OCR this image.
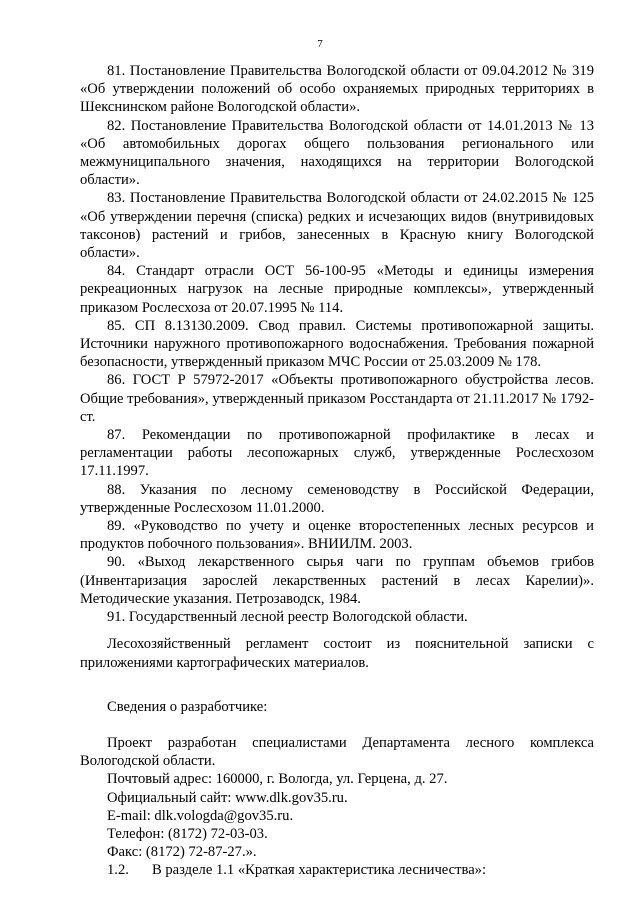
7

81. Постановление Правительства Вологодской области от 09.04.2012 № 319 «Об утверждении положений об особо охраняемых природных территориях в Шекснинском районе Вологодской области».

82. Постановление Правительства Вологодской области от 14.01.2013 № 13 «Об автомобильных дорогах общего пользования регионального или межмуниципального значения, находящихся на территории Вологодской области».

83. Постановление Правительства Вологодской области от 24.02.2015 № 125 «Об утверждении перечня (списка) редких и исчезающих видов (внутривидовых таксонов) растений и грибов, занесенных в Красную книгу Вологодской области».

84. Стандарт отрасли ОСТ 56-100-95 «Методы и единицы измерения рекреационных нагрузок на лесные природные комплексы», утвержденный приказом Рослесхоза от 20.07.1995 № 114.

85. СП 8.13130.2009. Свод правил. Системы противопожарной защиты. Источники наружного противопожарного водоснабжения. Требования пожарной безопасности, утвержденный приказом МЧС России от 25.03.2009 № 178.

86. ГОСТ Р 57972-2017 «Объекты противопожарного обустройства лесов. Общие требования», утвержденный приказом Росстандарта от 21.11.2017 № 1792-ст.

87. Рекомендации по противопожарной профилактике в лесах и регламентации работы лесопожарных служб, утвержденные Рослесхозом 17.11.1997.

88. Указания по лесному семеноводству в Российской Федерации, утвержденные Рослесхозом 11.01.2000.

89. «Руководство по учету и оценке второстепенных лесных ресурсов и продуктов побочного пользования». ВНИИЛМ. 2003.

90. «Выход лекарственного сырья чаги по группам объемов грибов (Инвентаризация зарослей лекарственных растений в лесах Карелии)». Методические указания. Петрозаводск, 1984.

91. Государственный лесной реестр Вологодской области.

Лесохозяйственный регламент состоит из пояснительной записки с приложениями картографических материалов.

Сведения о разработчике:

Проект разработан специалистами Департамента лесного комплекса Вологодской области.

Почтовый адрес: 160000, г. Вологда, ул. Герцена, д. 27.

Официальный сайт: www.dlk.gov35.ru.

E-mail: dlk.vologda@gov35.ru.

Телефон: (8172) 72-03-03.

Факс: (8172) 72-87-27.».

1.2.	В разделе 1.1 «Краткая характеристика лесничества»:
